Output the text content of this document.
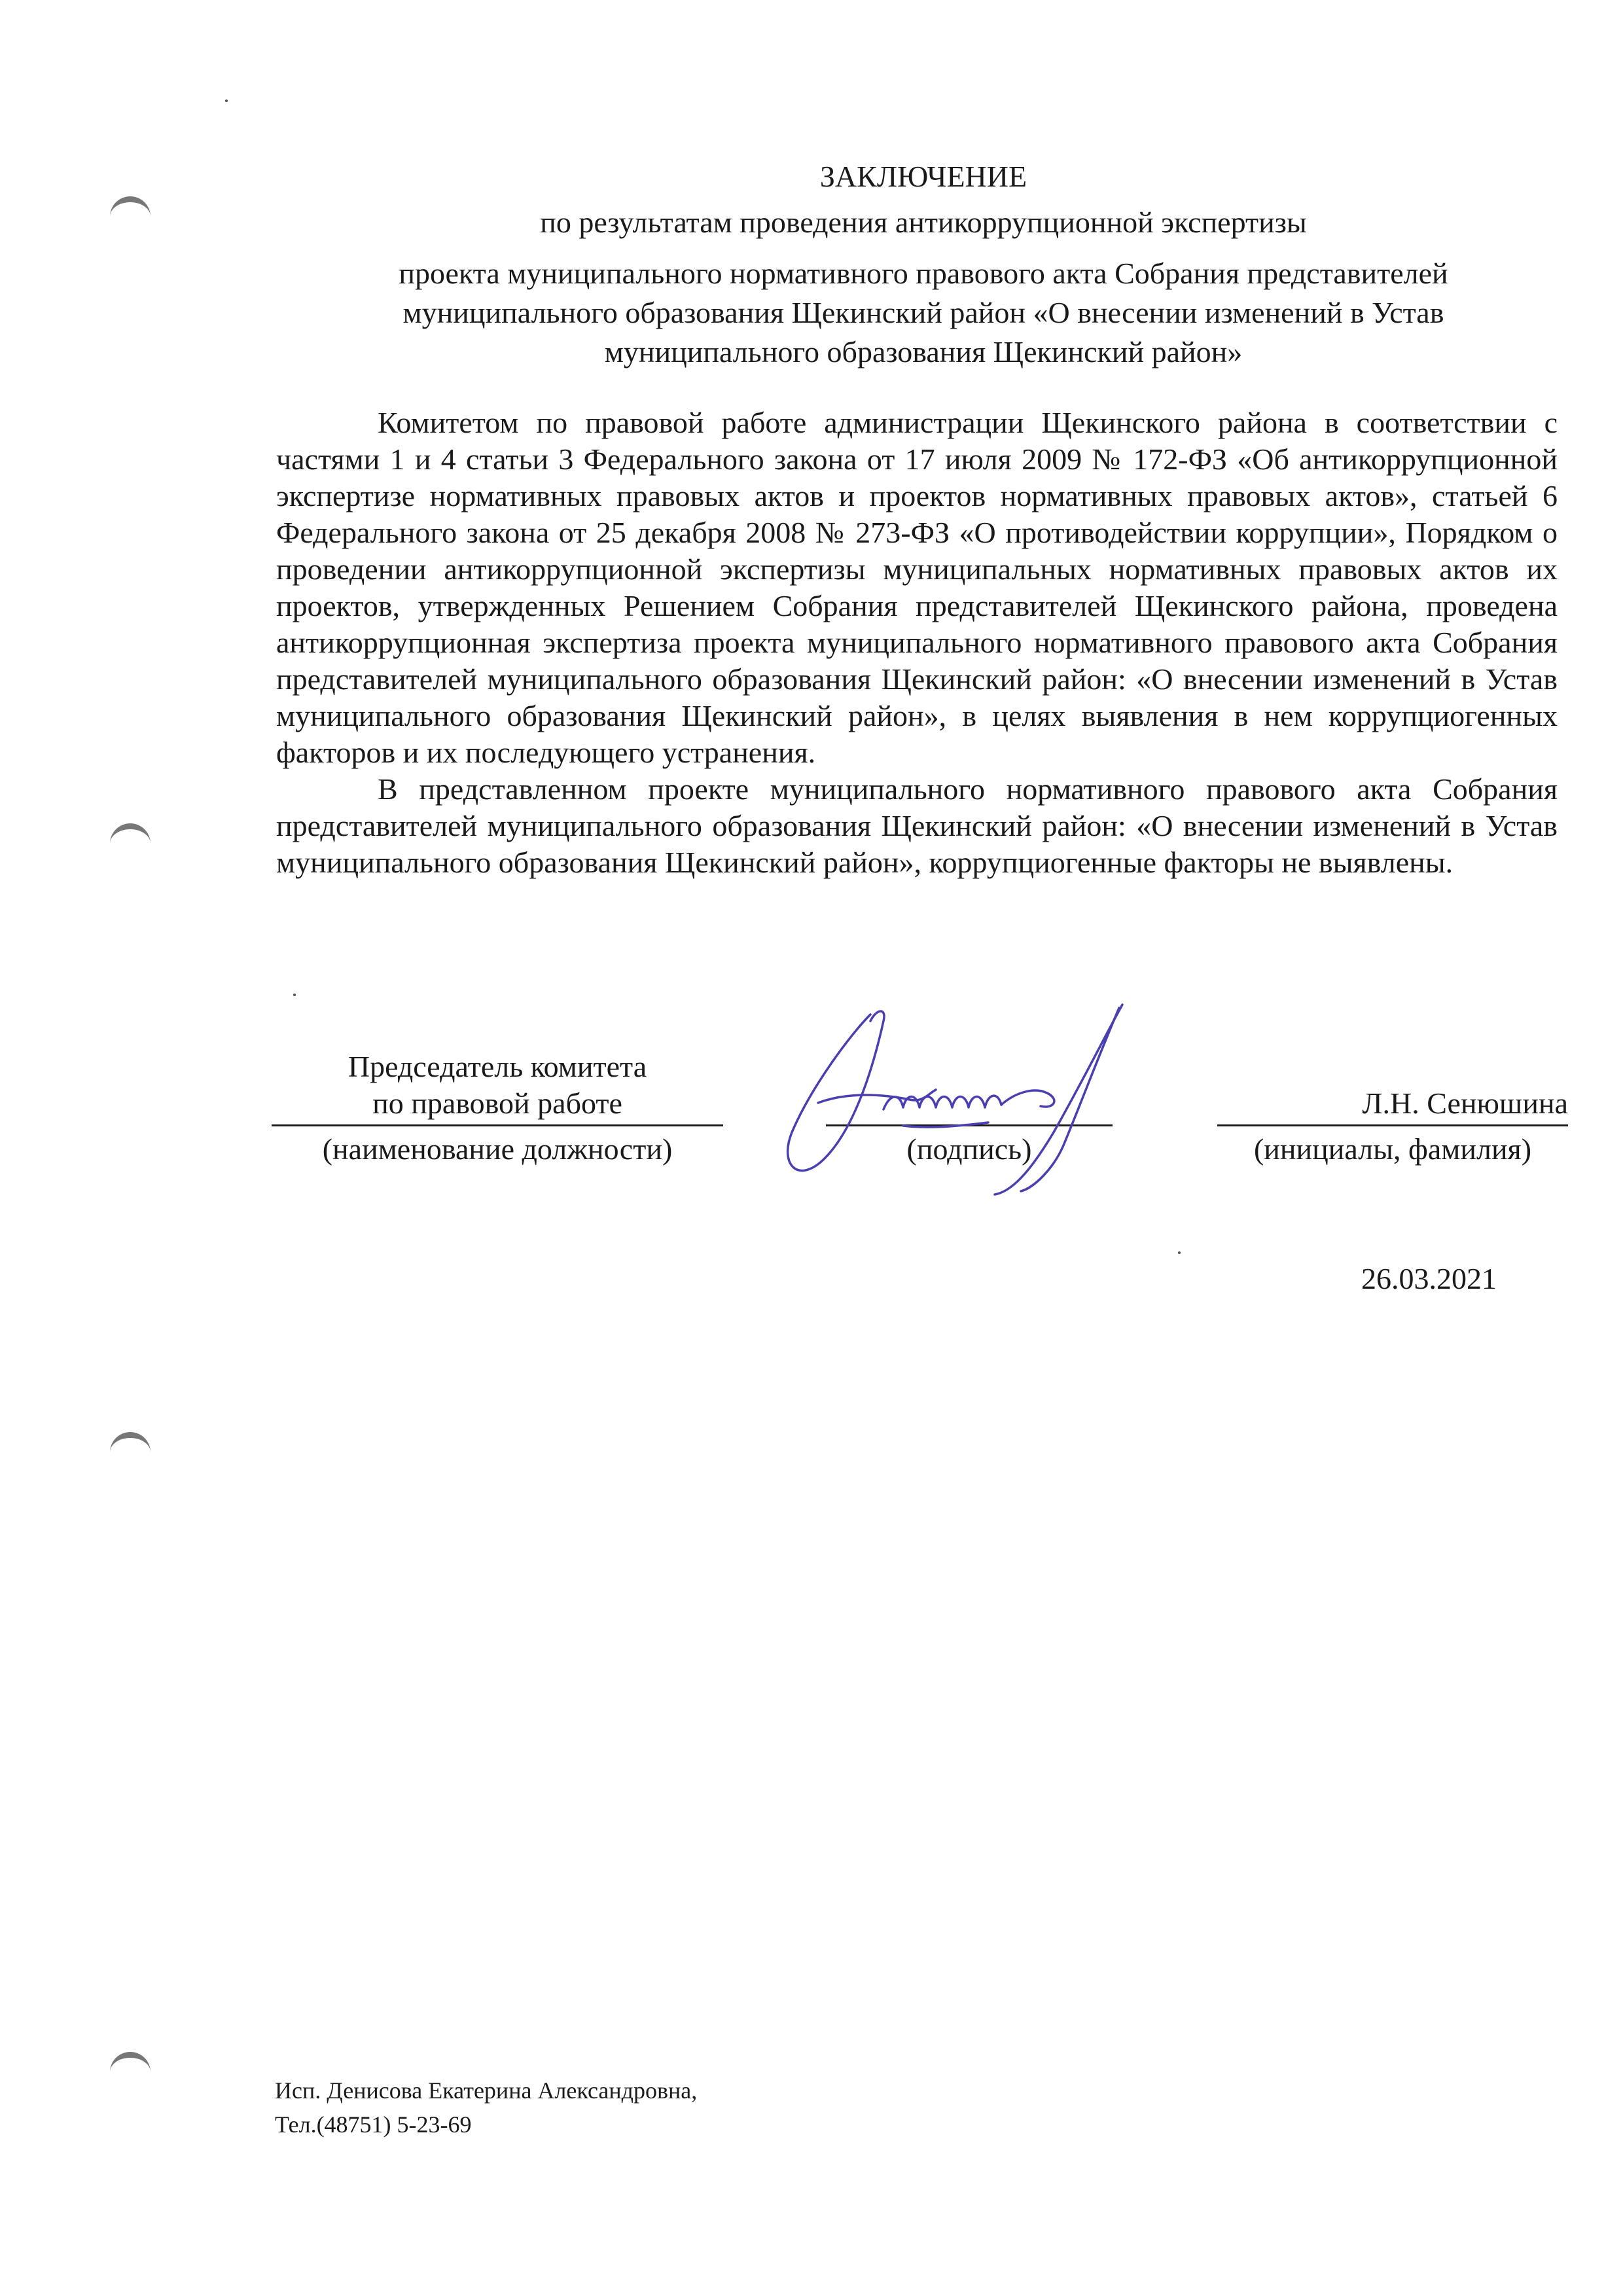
ЗАКЛЮЧЕНИЕ
по результатам проведения антикоррупционной экспертизы
проекта муниципального нормативного правового акта Собрания представителей
муниципального образования Щекинский район «О внесении изменений в Устав
муниципального образования Щекинский район»

Комитетом по правовой работе администрации Щекинского района в соответствии с частями 1 и 4 статьи 3 Федерального закона от 17 июля 2009 № 172-ФЗ «Об антикоррупционной экспертизе нормативных правовых актов и проектов нормативных правовых актов», статьей 6 Федерального закона от 25 декабря 2008 № 273-ФЗ «О противодействии коррупции», Порядком о проведении антикоррупционной экспертизы муниципальных нормативных правовых актов их проектов, утвержденных Решением Собрания представителей Щекинского района, проведена антикоррупционная экспертиза проекта муниципального нормативного правового акта Собрания представителей муниципального образования Щекинский район: «О внесении изменений в Устав муниципального образования Щекинский район», в целях выявления в нем коррупциогенных факторов и их последующего устранения.

В представленном проекте муниципального нормативного правового акта Собрания представителей муниципального образования Щекинский район: «О внесении изменений в Устав муниципального образования Щекинский район», коррупциогенные факторы не выявлены.

Председатель комитета
по правовой работе
(наименование должности)	(подпись)
Л.Н. Сенюшина
(инициалы, фамилия)
26.03.2021
Исп. Денисова Екатерина Александровна,
Тел.(48751) 5-23-69
